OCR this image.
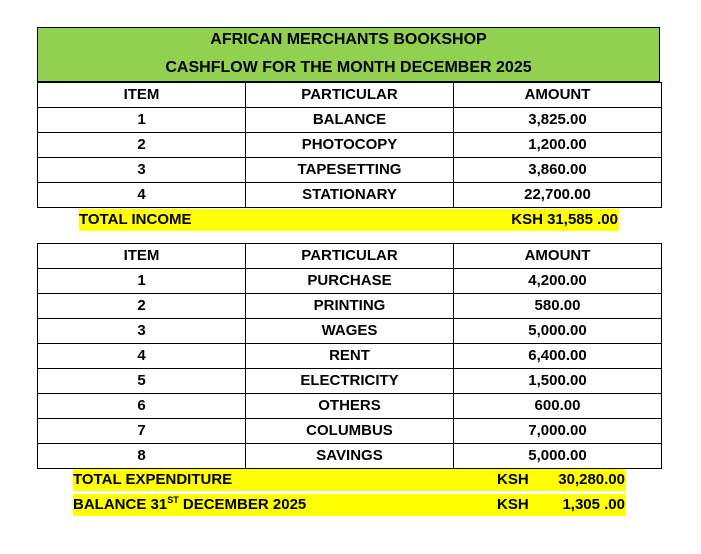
AFRICAN MERCHANTS BOOKSHOP
CASHFLOW FOR THE MONTH DECEMBER 2025
ITEM	PARTICULAR	AMOUNT
1	BALANCE	3,825.00
2	PHOTOCOPY	1,200.00
3	TAPESETTING	3,860.00
4	STATIONARY	22,700.00
TOTAL INCOME	KSH 31,585 .00
ITEM	PARTICULAR	AMOUNT
1	PURCHASE	4,200.00
2	PRINTING	580.00
3	WAGES	5,000.00
4	RENT	6,400.00
5	ELECTRICITY	1,500.00
6	OTHERS	600.00
7	COLUMBUS	7,000.00
8	SAVINGS	5,000.00
TOTAL EXPENDITURE	KSH 30,280.00
BALANCE 31ST DECEMBER 2025	KSH 1,305 .00
